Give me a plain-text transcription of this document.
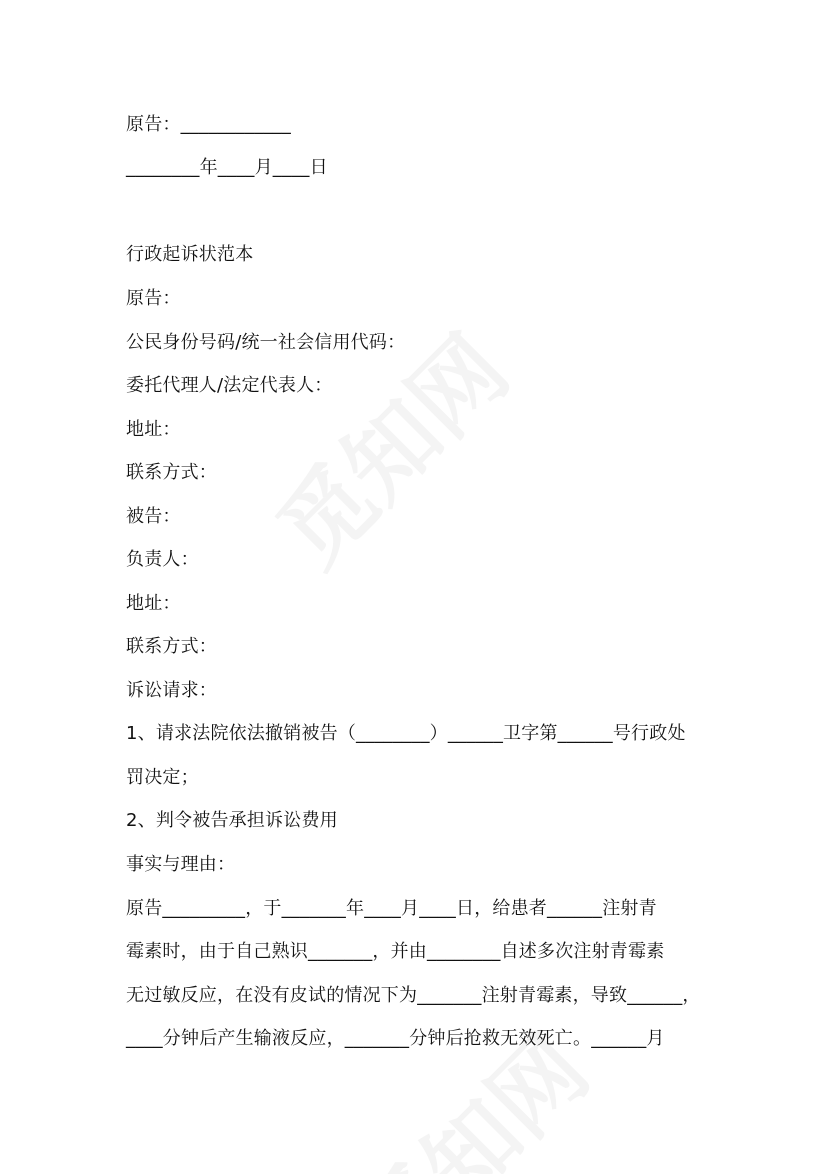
原告：____________
________年____月____日
行政起诉状范本
原告：
公民身份号码/统一社会信用代码：
委托代理人/法定代表人：
地址：
联系方式：
被告：
负责人：
地址：
联系方式：
诉讼请求：
1、请求法院依法撤销被告（________）______卫字第______号行政处
罚决定；
2、判令被告承担诉讼费用
事实与理由：
原告_________，于_______年____月____日，给患者______注射青
霉素时，由于自己熟识_______，并由________自述多次注射青霉素
无过敏反应，在没有皮试的情况下为_______注射青霉素，导致______，
____分钟后产生输液反应，_______分钟后抢救无效死亡。______月
